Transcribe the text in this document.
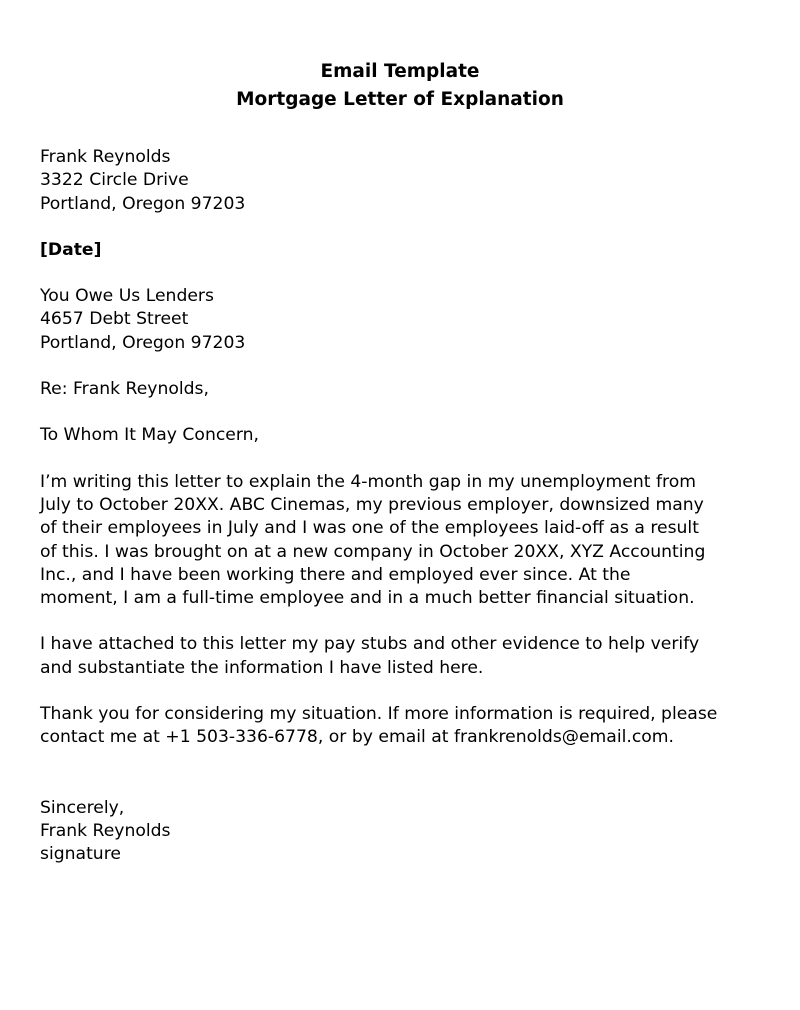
Email Template
Mortgage Letter of Explanation
Frank Reynolds
3322 Circle Drive
Portland, Oregon 97203
[Date]
You Owe Us Lenders
4657 Debt Street
Portland, Oregon 97203
Re: Frank Reynolds,
To Whom It May Concern,
I’m writing this letter to explain the 4-month gap in my unemployment from
July to October 20XX. ABC Cinemas, my previous employer, downsized many
of their employees in July and I was one of the employees laid-off as a result
of this. I was brought on at a new company in October 20XX, XYZ Accounting
Inc., and I have been working there and employed ever since. At the
moment, I am a full-time employee and in a much better financial situation.
I have attached to this letter my pay stubs and other evidence to help verify
and substantiate the information I have listed here.
Thank you for considering my situation. If more information is required, please
contact me at +1 503-336-6778, or by email at frankrenolds@email.com.
Sincerely,
Frank Reynolds
signature
